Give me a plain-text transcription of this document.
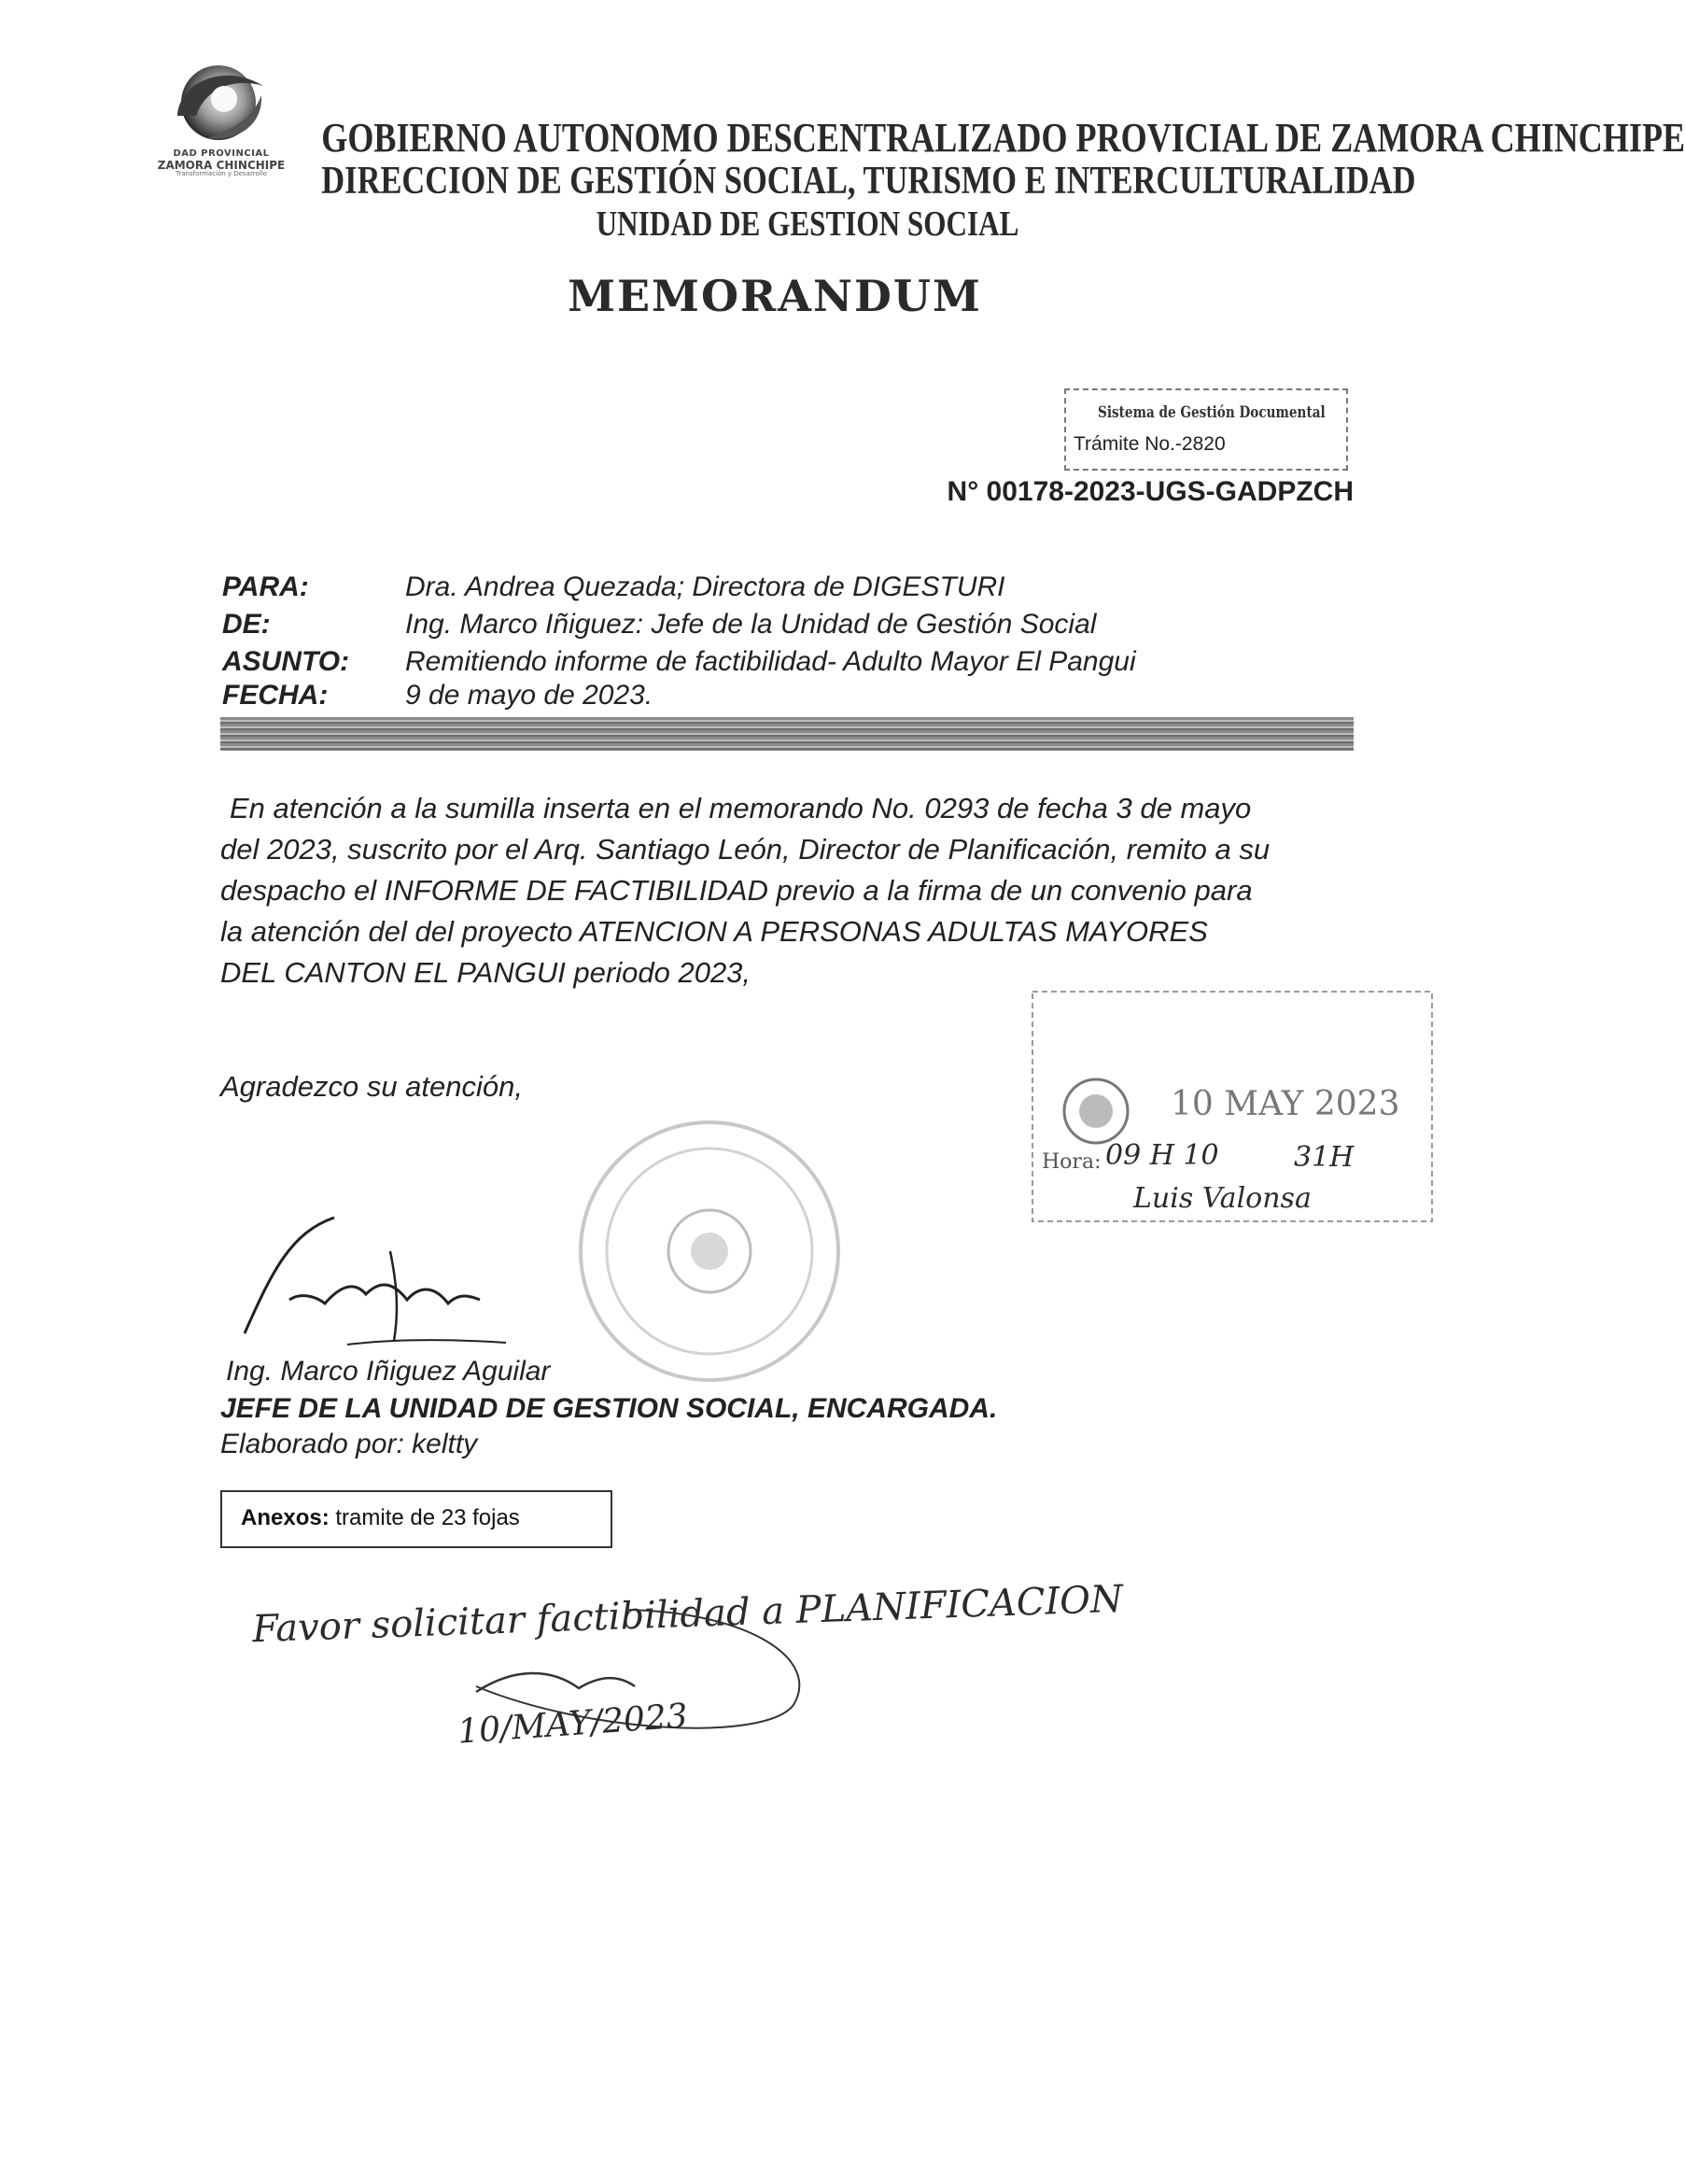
DAD PROVINCIAL
ZAMORA CHINCHIPE
Transformación y Desarrollo
GOBIERNO AUTONOMO DESCENTRALIZADO PROVICIAL DE ZAMORA CHINCHIPE
DIRECCION DE GESTIÓN SOCIAL, TURISMO E INTERCULTURALIDAD
UNIDAD DE GESTION SOCIAL
MEMORANDUM
Sistema de Gestión Documental
Trámite No.-2820
N° 00178-2023-UGS-GADPZCH
PARA:	Dra. Andrea Quezada; Directora de DIGESTURI
DE:	Ing. Marco Iñiguez: Jefe de la Unidad de Gestión Social
ASUNTO: Remitiendo informe de factibilidad- Adulto Mayor El Pangui
FECHA:	9 de mayo de 2023.
En atención a la sumilla inserta en el memorando No. 0293 de fecha 3 de mayo
del 2023, suscrito por el Arq. Santiago León, Director de Planificación, remito a su
despacho el INFORME DE FACTIBILIDAD previo a la firma de un convenio para
la atención del del proyecto ATENCION A PERSONAS ADULTAS MAYORES
DEL CANTON EL PANGUI periodo 2023,
Agradezco su atención,	10 MAY 2023
Hora: 09 H 10	31H
Luis Valonsa
Ing. Marco Iñiguez Aguilar
JEFE DE LA UNIDAD DE GESTION SOCIAL, ENCARGADA.
Elaborado por: keltty
Anexos: tramite de 23 fojas
Favor solicitar factibilidad a PLANIFICACION
10/MAY/2023
